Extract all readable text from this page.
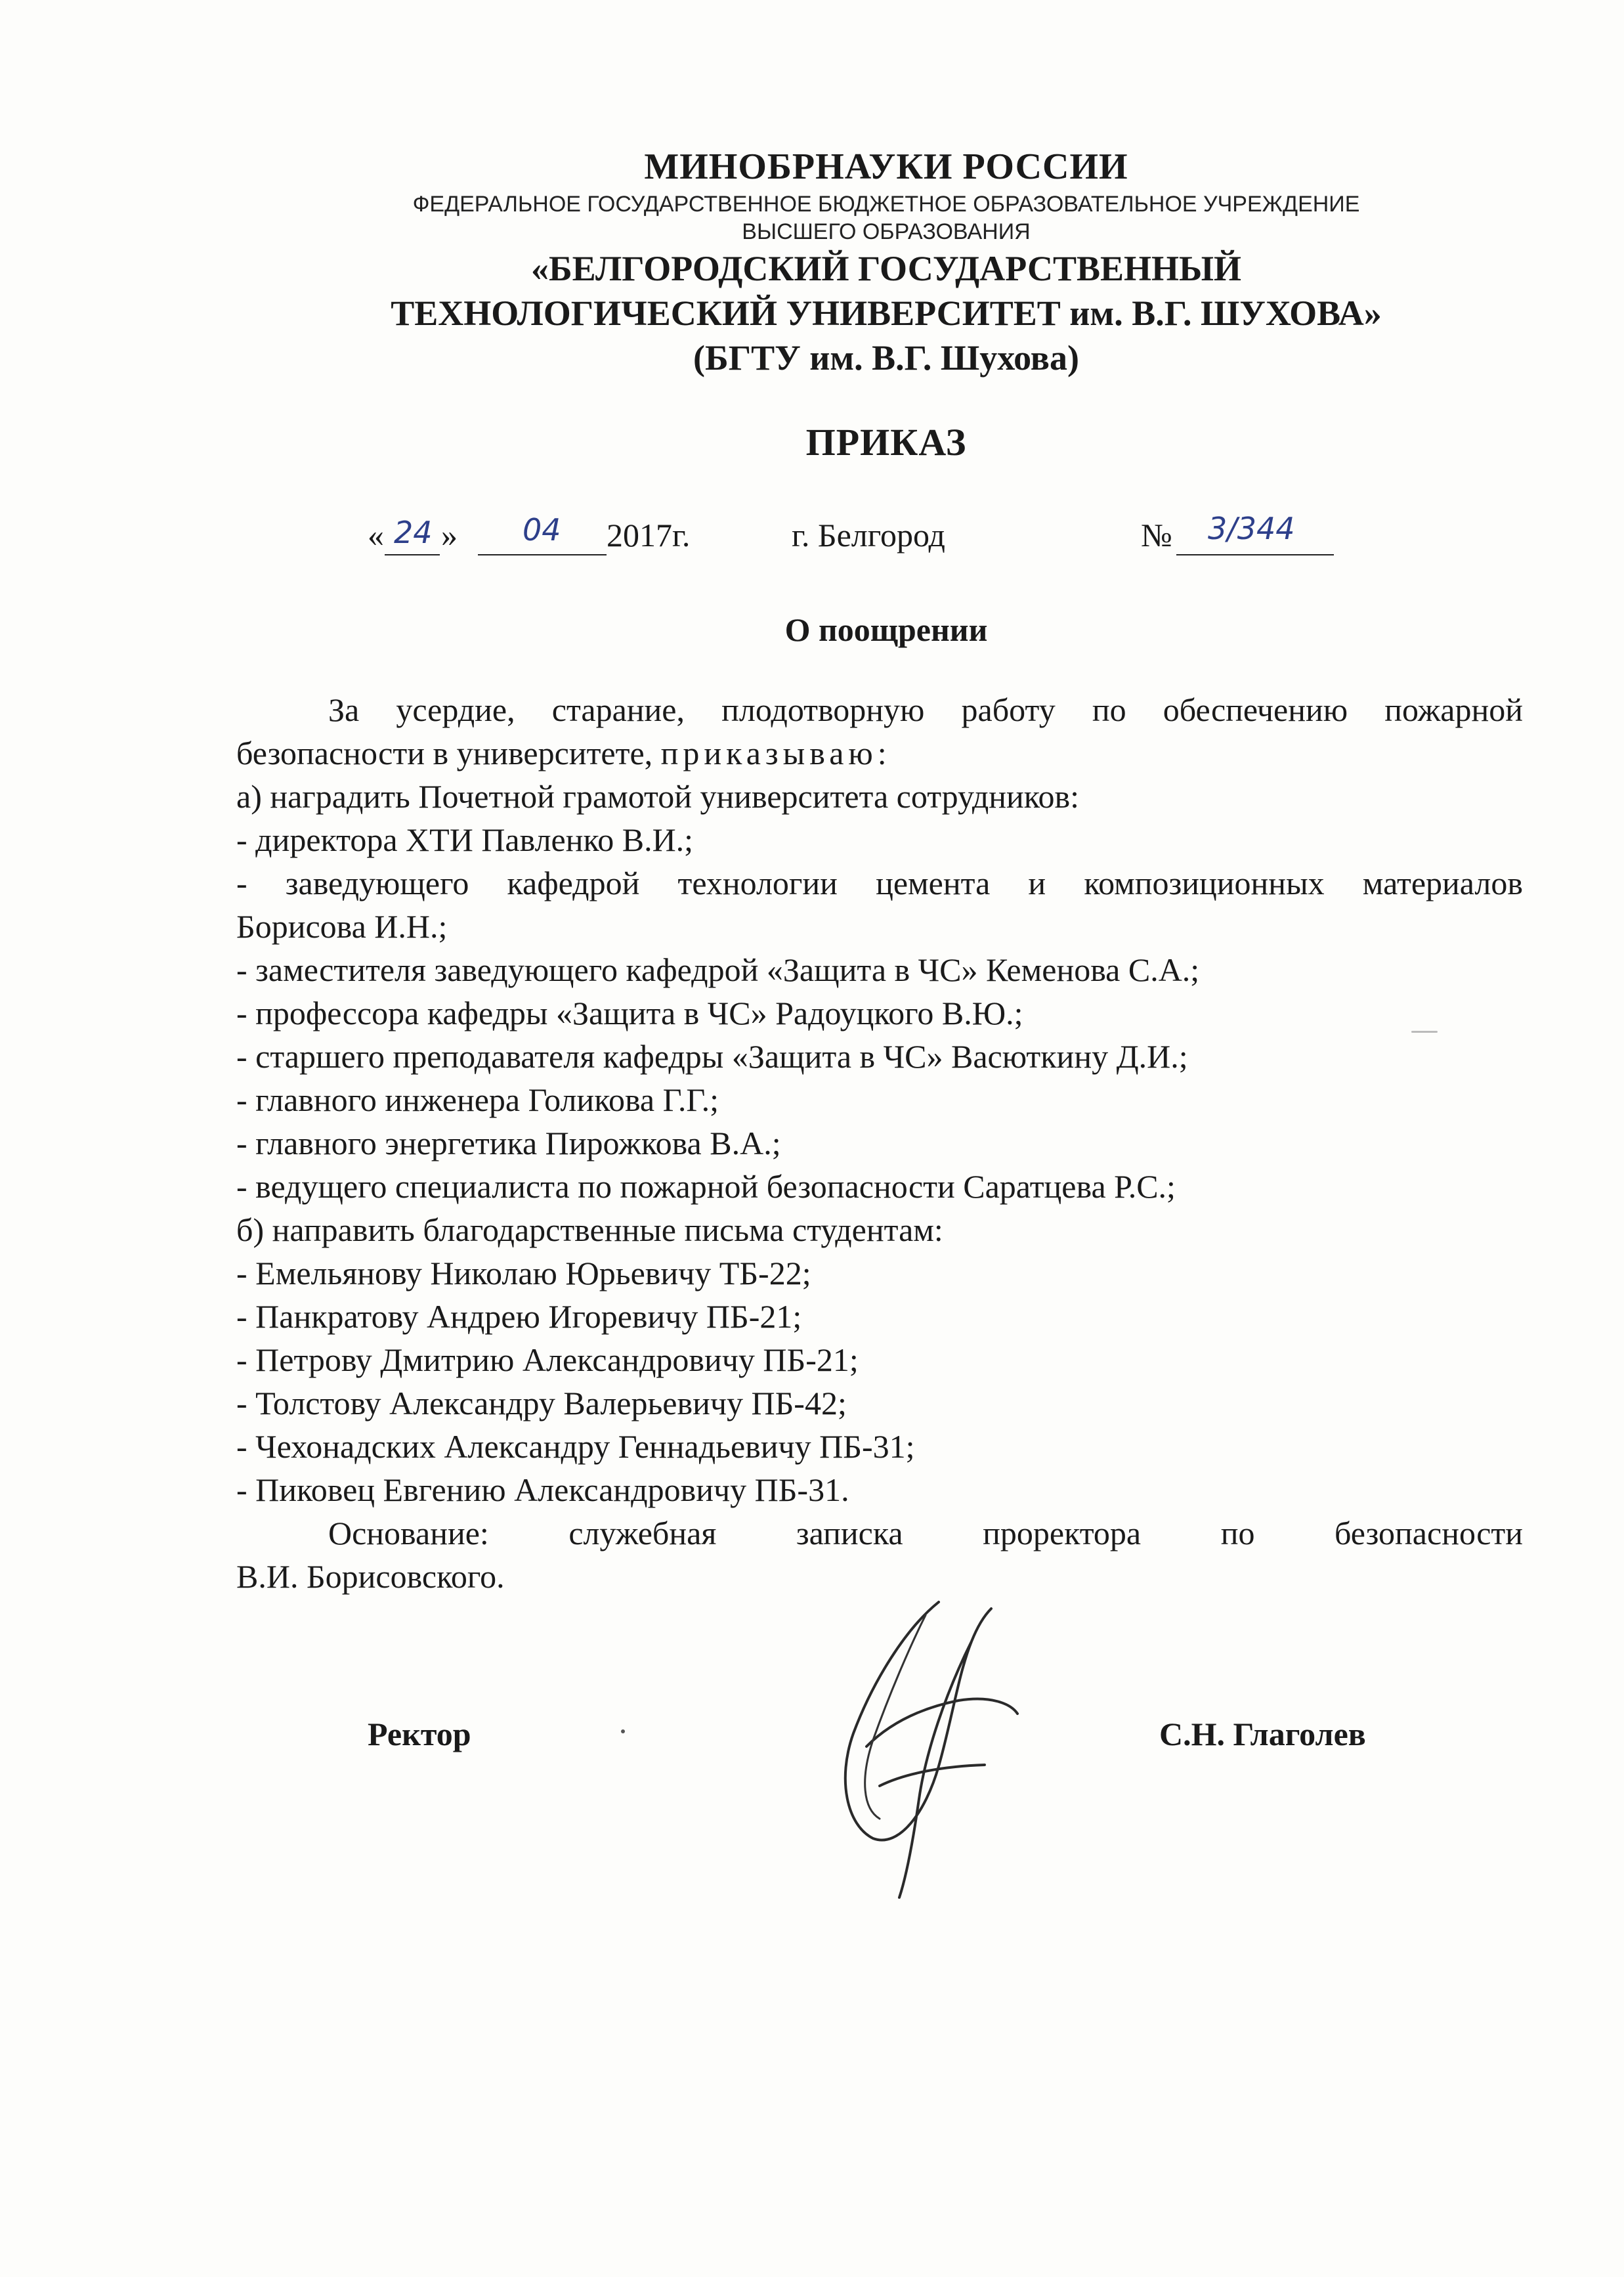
МИНОБРНАУКИ РОССИИ
ФЕДЕРАЛЬНОЕ ГОСУДАРСТВЕННОЕ БЮДЖЕТНОЕ ОБРАЗОВАТЕЛЬНОЕ УЧРЕЖДЕНИЕ
ВЫСШЕГО ОБРАЗОВАНИЯ
«БЕЛГОРОДСКИЙ ГОСУДАРСТВЕННЫЙ
ТЕХНОЛОГИЧЕСКИЙ УНИВЕРСИТЕТ им. В.Г. ШУХОВА»
(БГТУ им. В.Г. Шухова)
ПРИКАЗ
« 24 » 04 2017г.	г. Белгород	№ 3/344
О поощрении
За усердие, старание, плодотворную работу по обеспечению пожарной
безопасности в университете, приказываю:
а) наградить Почетной грамотой университета сотрудников:
- директора ХТИ Павленко В.И.;
- заведующего кафедрой технологии цемента и композиционных материалов
Борисова И.Н.;
- заместителя заведующего кафедрой «Защита в ЧС» Кеменова С.А.;
- профессора кафедры «Защита в ЧС» Радоуцкого В.Ю.;
- старшего преподавателя кафедры «Защита в ЧС» Васюткину Д.И.;
- главного инженера Голикова Г.Г.;
- главного энергетика Пирожкова В.А.;
- ведущего специалиста по пожарной безопасности Саратцева Р.С.;
б) направить благодарственные письма студентам:
- Емельянову Николаю Юрьевичу ТБ-22;
- Панкратову Андрею Игоревичу ПБ-21;
- Петрову Дмитрию Александровичу ПБ-21;
- Толстову Александру Валерьевичу ПБ-42;
- Чехонадских Александру Геннадьевичу ПБ-31;
- Пиковец Евгению Александровичу ПБ-31.
Основание: служебная записка проректора по безопасности
В.И. Борисовского.
Ректор	С.Н. Глаголев
